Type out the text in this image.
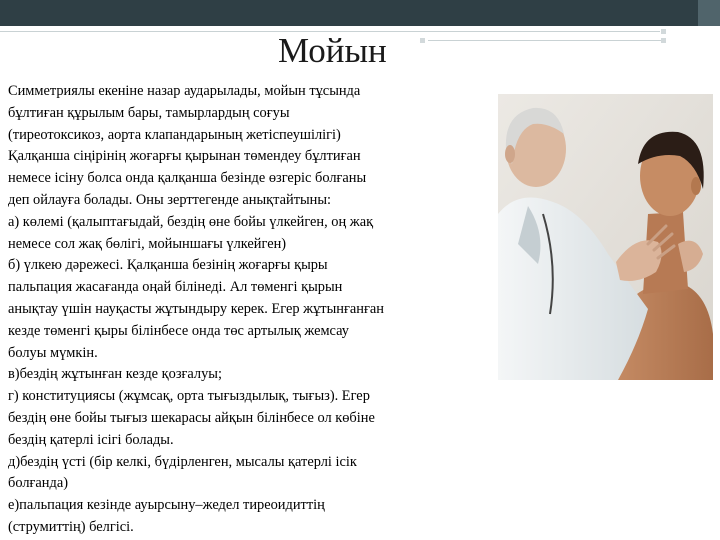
Мойын
Симметриялы екеніне назар аударылады, мойын тұсында
бұлтиған құрылым бары, тамырлардың соғуы
(тиреотоксикоз, аорта клапандарының жетіспеушілігі)
Қалқанша сіңірінің жоғарғы қырынан төмендеу бұлтиған
немесе ісіну болса онда қалқанша безінде өзгеріс болғаны
деп ойлауға болады. Оны зерттегенде анықтайтыны:
а) көлемі (қалыптағыдай, бездің өне бойы үлкейген, оң жақ
немесе сол жақ бөлігі, мойыншағы үлкейген)
б) үлкею дәрежесі. Қалқанша безінің жоғарғы қыры
пальпация жасағанда оңай білінеді. Ал төменгі қырын
анықтау үшін науқасты жұтындыру керек. Егер жұтынғанған
кезде төменгі қыры білінбесе онда төс артылық жемсау
болуы мүмкін.
в)бездің жұтынған кезде қозғалуы;
г) конституциясы (жұмсақ, орта тығыздылық, тығыз). Егер
бездің өне бойы тығыз шекарасы айқын білінбесе ол көбіне
бездің қатерлі ісігі болады.
д)бездің үсті (бір келкі, бүдірленген, мысалы қатерлі ісік
болғанда)
е)пальпация кезінде ауырсыну–жедел тиреоидиттің
(струмиттің) белгісі.
